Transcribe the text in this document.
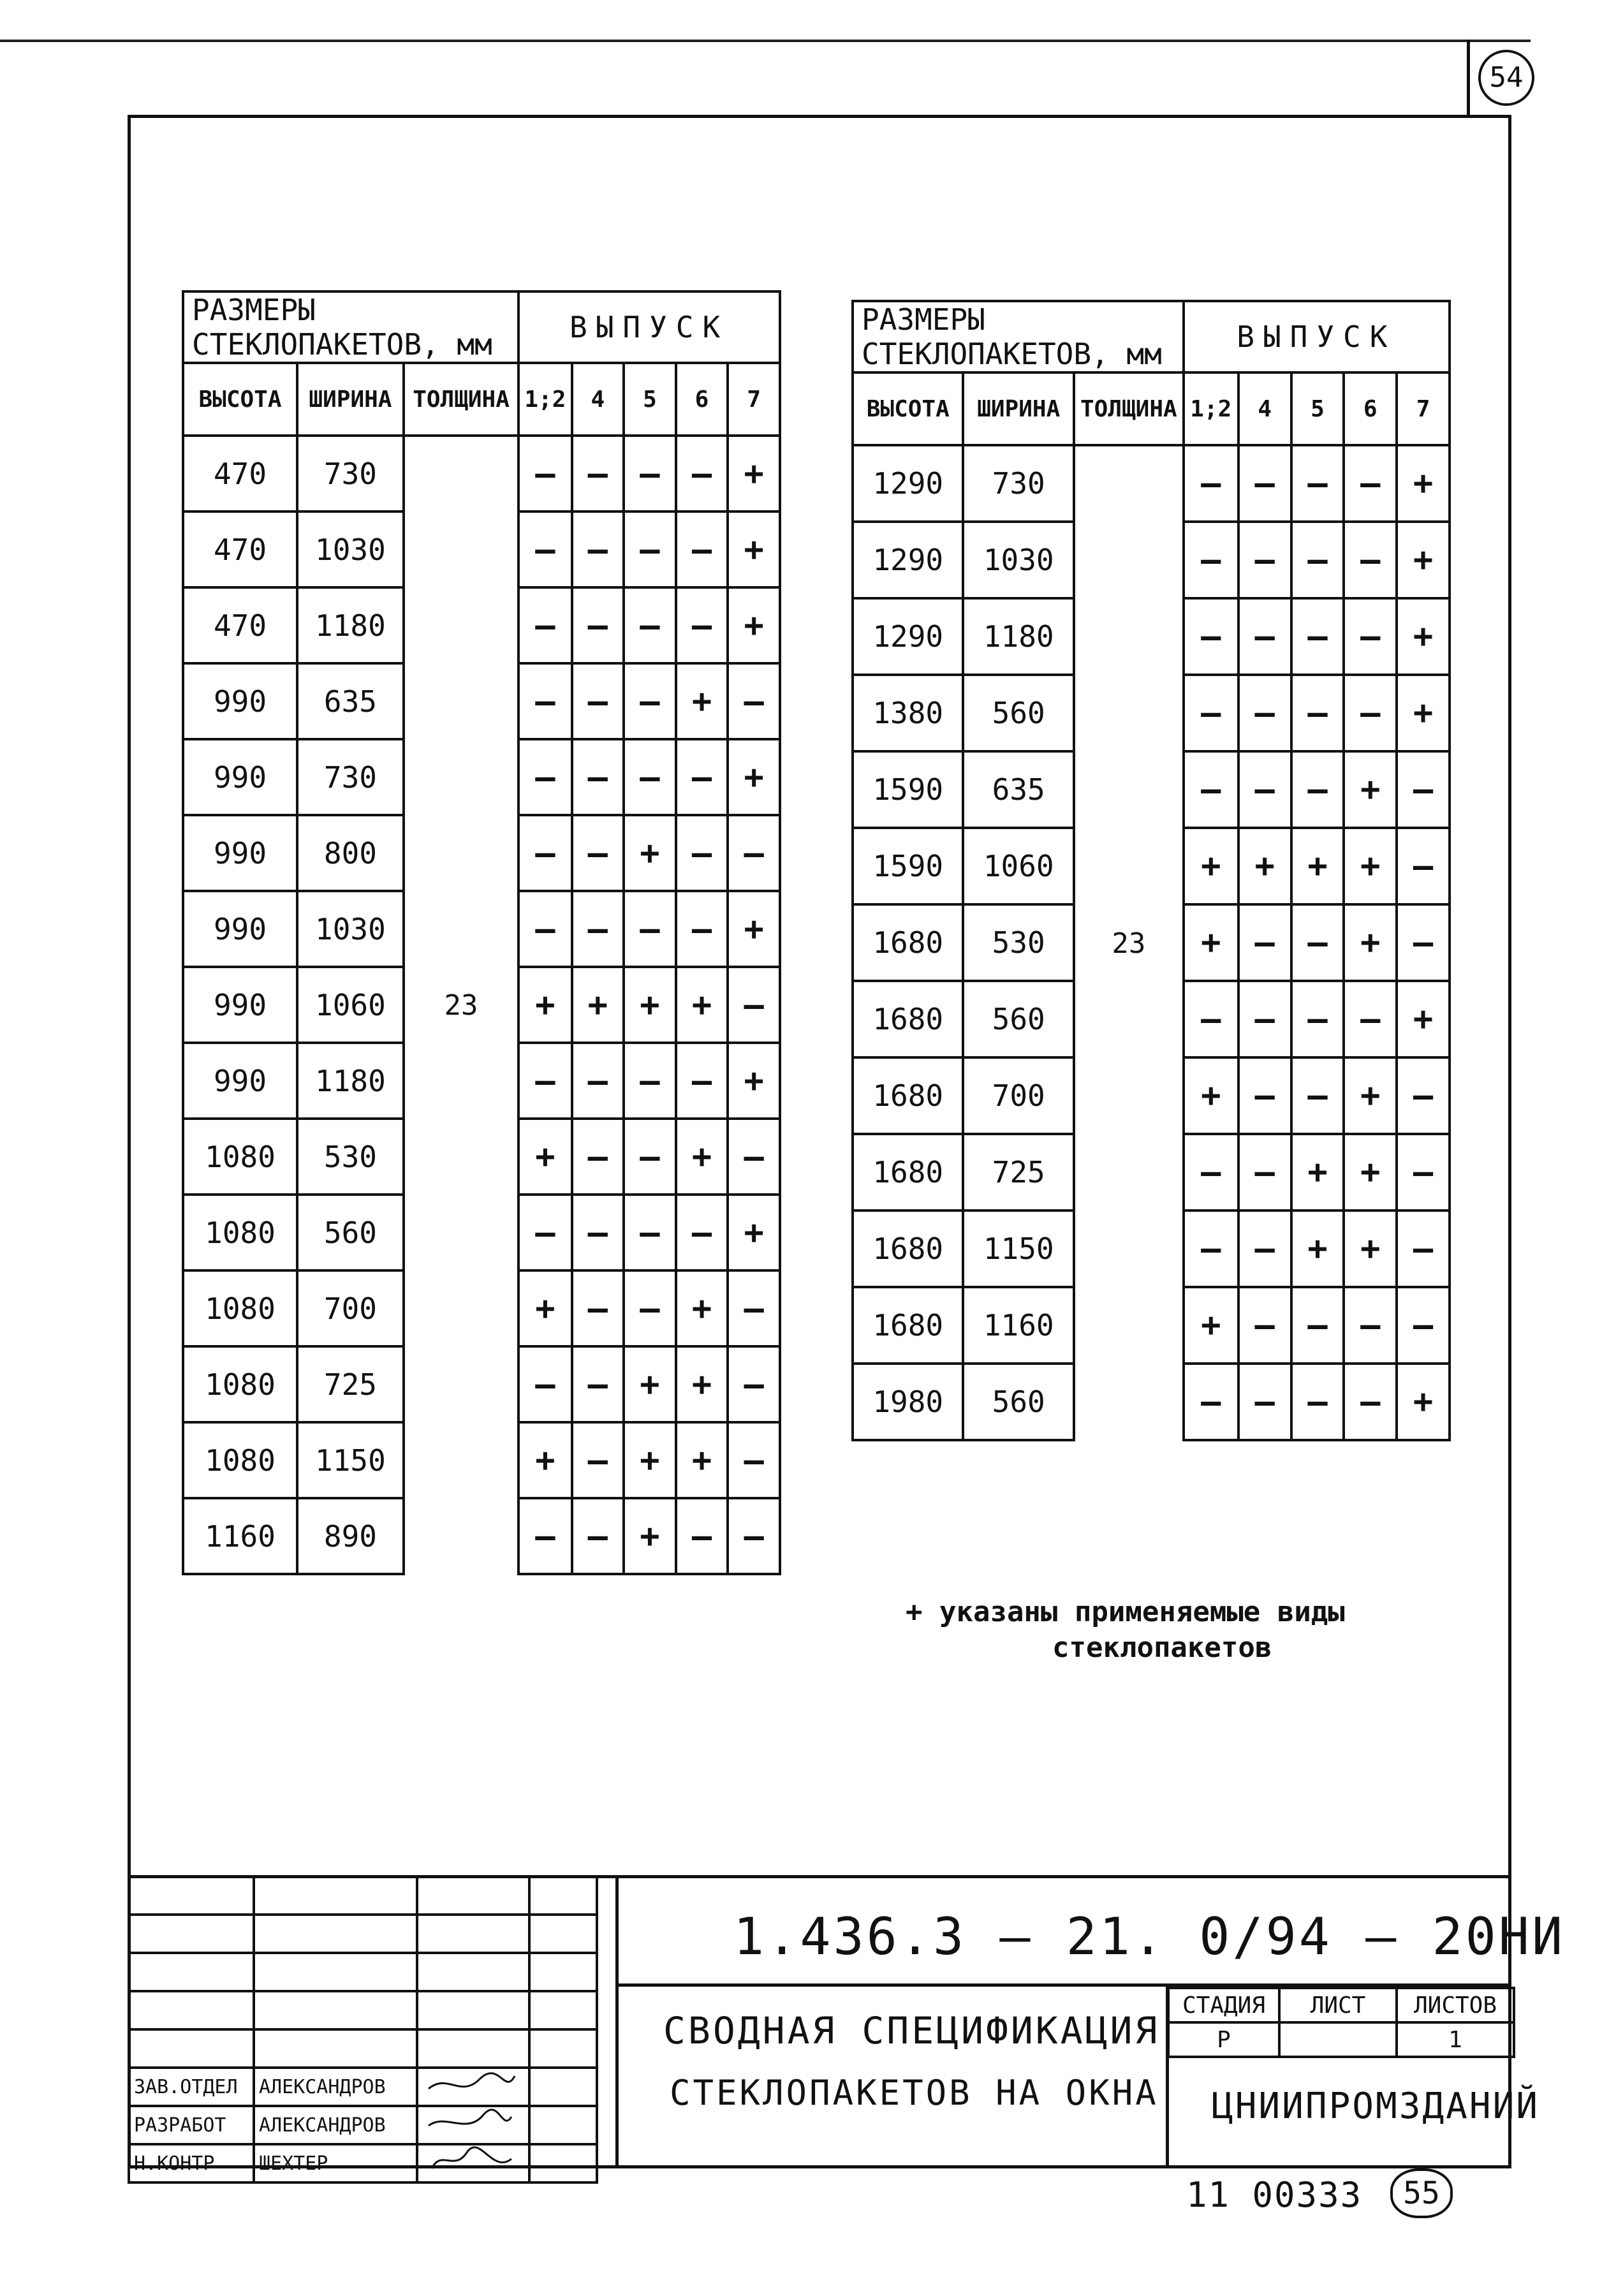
54
РАЗМЕРЫ СТЕКЛОПАКЕТОВ, мм			ВЫПУСК				
ВЫСОТА	ШИРИНА	ТОЛЩИНА	1;2	4	5	6	7
470	730	23	—	—	—	—	+
470	1030		—	—	—	—	+
470	1180		—	—	—	—	+
990	635		—	—	—	+	—
990	730		—	—	—	—	+
990	800		—	—	+	—	—
990	1030		—	—	—	—	+
990	1060		+	+	+	+	—
990	1180		—	—	—	—	+
1080	530		+	—	—	+	—
1080	560		—	—	—	—	+
1080	700		+	—	—	+	—
1080	725		—	—	+	+	—
1080	1150		+	—	+	+	—
1160	890		—	—	+	—	—
РАЗМЕРЫ СТЕКЛОПАКЕТОВ, мм			ВЫПУСК				
ВЫСОТА	ШИРИНА	ТОЛЩИНА	1;2	4	5	6	7
1290	730	23	—	—	—	—	+
1290	1030		—	—	—	—	+
1290	1180		—	—	—	—	+
1380	560		—	—	—	—	+
1590	635		—	—	—	+	—
1590	1060		+	+	+	+	—
1680	530		+	—	—	+	—
1680	560		—	—	—	—	+
1680	700		+	—	—	+	—
1680	725		—	—	+	+	—
1680	1150		—	—	+	+	—
1680	1160		+	—	—	—	—
1980	560		—	—	—	—	+
+ указаны применяемые виды
стеклопакетов

ЗАВ.ОТДЕЛ	АЛЕКСАНДРОВ		
РАЗРАБОТ	АЛЕКСАНДРОВ		
Н.КОНТР	ШЕХТЕР		
1.436.3 – 21. 0/94 – 20НИ
СВОДНАЯ СПЕЦИФИКАЦИЯ
СТЕКЛОПАКЕТОВ НА ОКНА
СТАДИЯ	ЛИСТ	ЛИСТОВ
Р		1
ЦНИИПРОМЗДАНИЙ
11 00333	55
